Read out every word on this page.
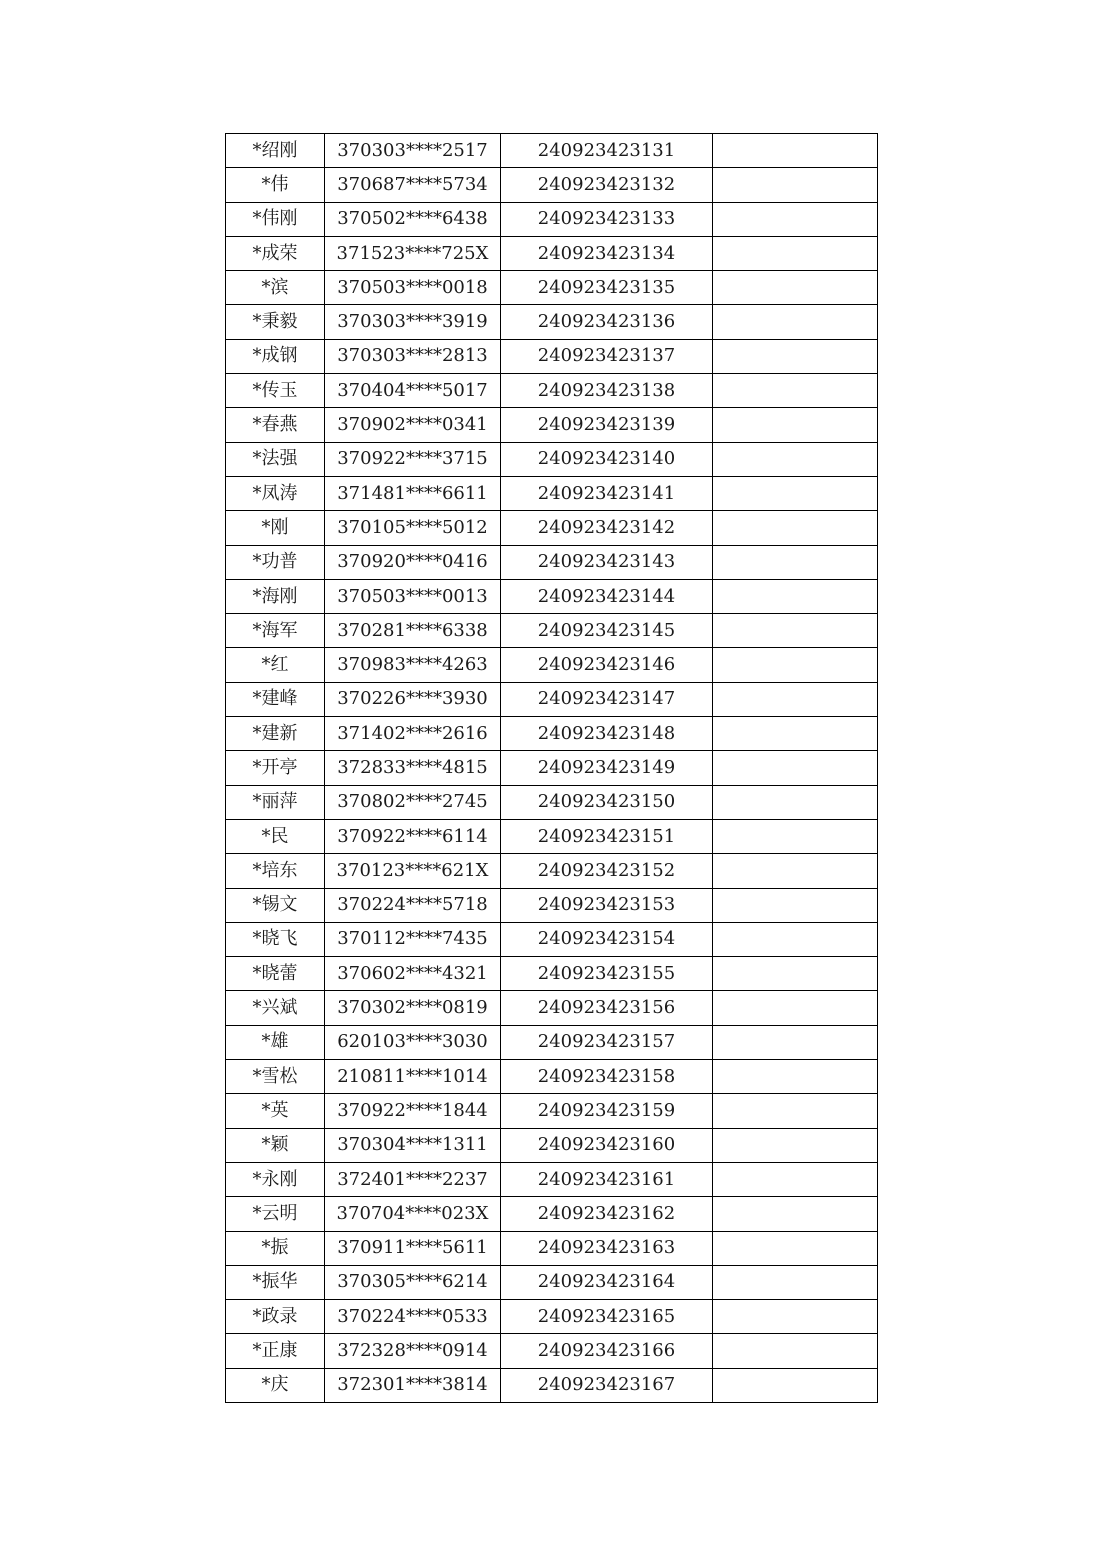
*绍刚	370303****2517	240923423131	
*伟	370687****5734	240923423132	
*伟刚	370502****6438	240923423133	
*成荣	371523****725X	240923423134	
*滨	370503****0018	240923423135	
*秉毅	370303****3919	240923423136	
*成钢	370303****2813	240923423137	
*传玉	370404****5017	240923423138	
*春燕	370902****0341	240923423139	
*法强	370922****3715	240923423140	
*凤涛	371481****6611	240923423141	
*刚	370105****5012	240923423142	
*功普	370920****0416	240923423143	
*海刚	370503****0013	240923423144	
*海军	370281****6338	240923423145	
*红	370983****4263	240923423146	
*建峰	370226****3930	240923423147	
*建新	371402****2616	240923423148	
*开亭	372833****4815	240923423149	
*丽萍	370802****2745	240923423150	
*民	370922****6114	240923423151	
*培东	370123****621X	240923423152	
*锡文	370224****5718	240923423153	
*晓飞	370112****7435	240923423154	
*晓蕾	370602****4321	240923423155	
*兴斌	370302****0819	240923423156	
*雄	620103****3030	240923423157	
*雪松	210811****1014	240923423158	
*英	370922****1844	240923423159	
*颖	370304****1311	240923423160	
*永刚	372401****2237	240923423161	
*云明	370704****023X	240923423162	
*振	370911****5611	240923423163	
*振华	370305****6214	240923423164	
*政录	370224****0533	240923423165	
*正康	372328****0914	240923423166	
*庆	372301****3814	240923423167	
